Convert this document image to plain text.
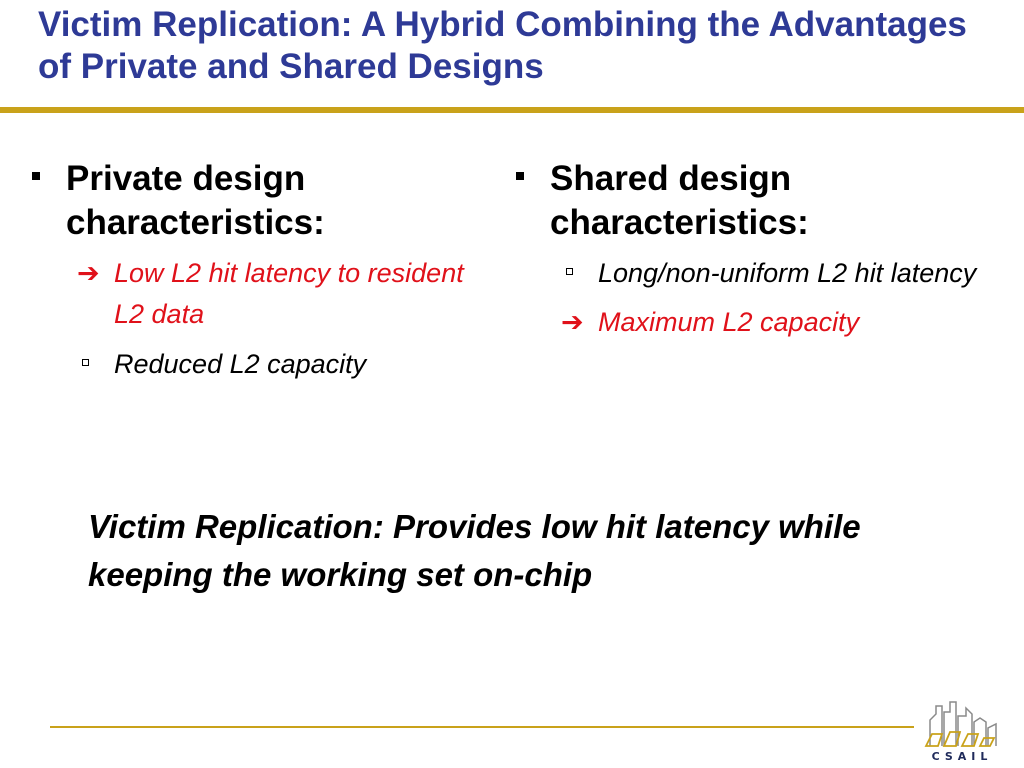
Victim Replication: A Hybrid Combining the Advantages of Private and Shared Designs
Private design characteristics:
➔ Low L2 hit latency to resident L2 data
Reduced L2 capacity
Shared design characteristics:
Long/non-uniform L2 hit latency
➔ Maximum L2 capacity
Victim Replication: Provides low hit latency while keeping the working set on-chip
CSAIL
